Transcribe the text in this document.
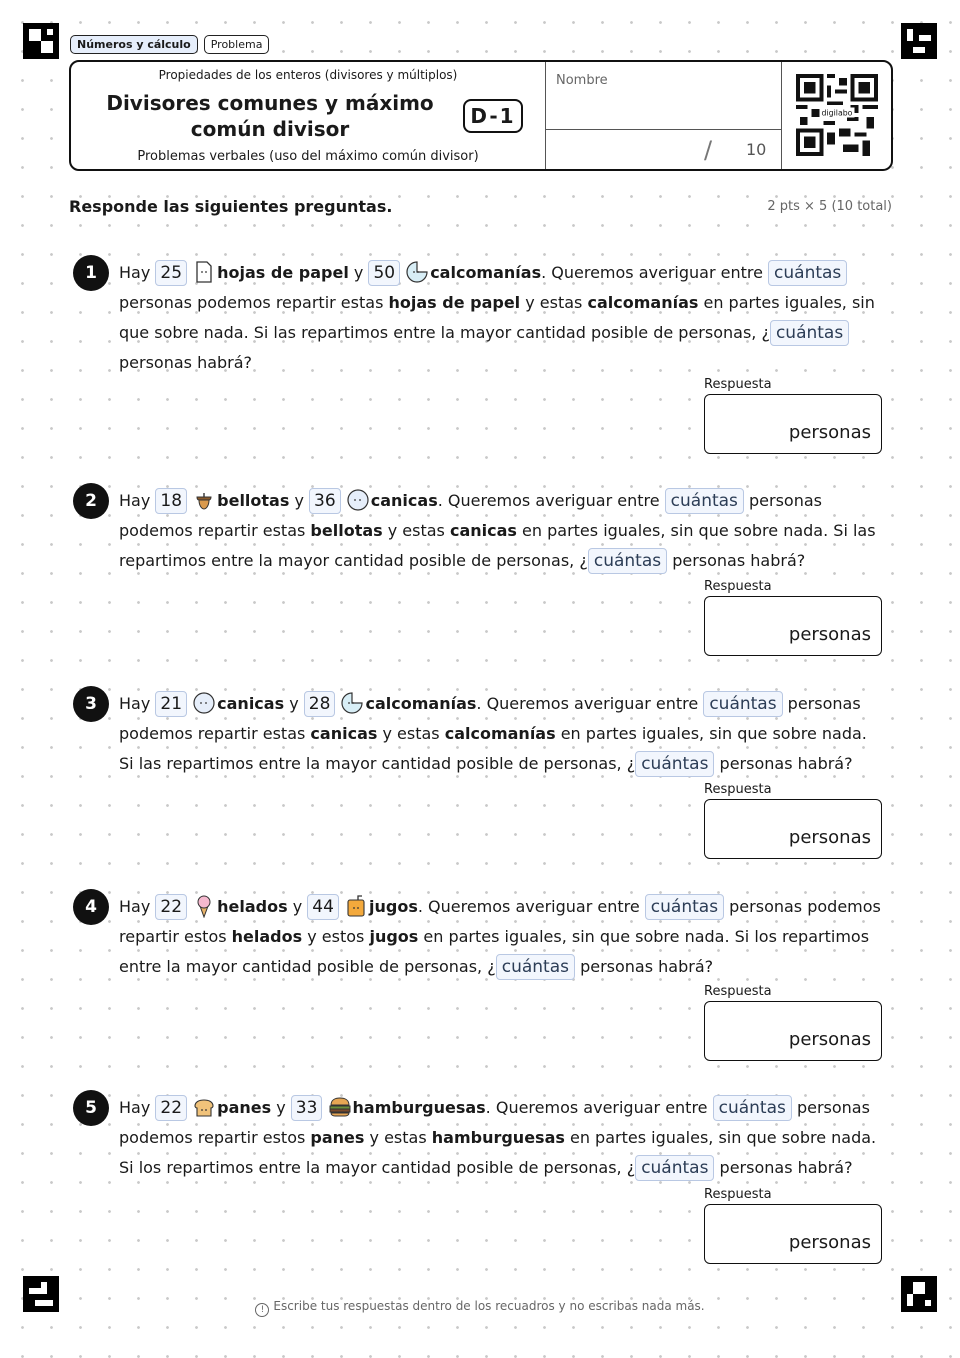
Números y cálculo	Problema
Propiedades de los enteros (divisores y múltiplos)
Divisores comunes y máximo común divisor
D-1
Problemas verbales (uso del máximo común divisor)
Nombre
/ 10
digilabo
Responde las siguientes preguntas.	2 pts × 5 (10 total)
1	Hay 25 hojas de papel y 50 calcomanías. Queremos averiguar entre cuántas personas podemos repartir estas hojas de papel y estas calcomanías en partes iguales, sin que sobre nada. Si las repartimos entre la mayor cantidad posible de personas, ¿ cuántas personas habrá?
Respuesta
personas
2	Hay 18 bellotas y 36 canicas. Queremos averiguar entre cuántas personas podemos repartir estas bellotas y estas canicas en partes iguales, sin que sobre nada. Si las repartimos entre la mayor cantidad posible de personas, ¿ cuántas personas habrá?
Respuesta
personas
3	Hay 21 canicas y 28 calcomanías. Queremos averiguar entre cuántas personas podemos repartir estas canicas y estas calcomanías en partes iguales, sin que sobre nada. Si las repartimos entre la mayor cantidad posible de personas, ¿ cuántas personas habrá?
Respuesta
personas
4	Hay 22 helados y 44 jugos. Queremos averiguar entre cuántas personas podemos repartir estos helados y estos jugos en partes iguales, sin que sobre nada. Si los repartimos entre la mayor cantidad posible de personas, ¿ cuántas personas habrá?
Respuesta
personas
5	Hay 22 panes y 33 hamburguesas. Queremos averiguar entre cuántas personas podemos repartir estos panes y estas hamburguesas en partes iguales, sin que sobre nada. Si los repartimos entre la mayor cantidad posible de personas, ¿ cuántas personas habrá?
Respuesta
personas
! Escribe tus respuestas dentro de los recuadros y no escribas nada más.
